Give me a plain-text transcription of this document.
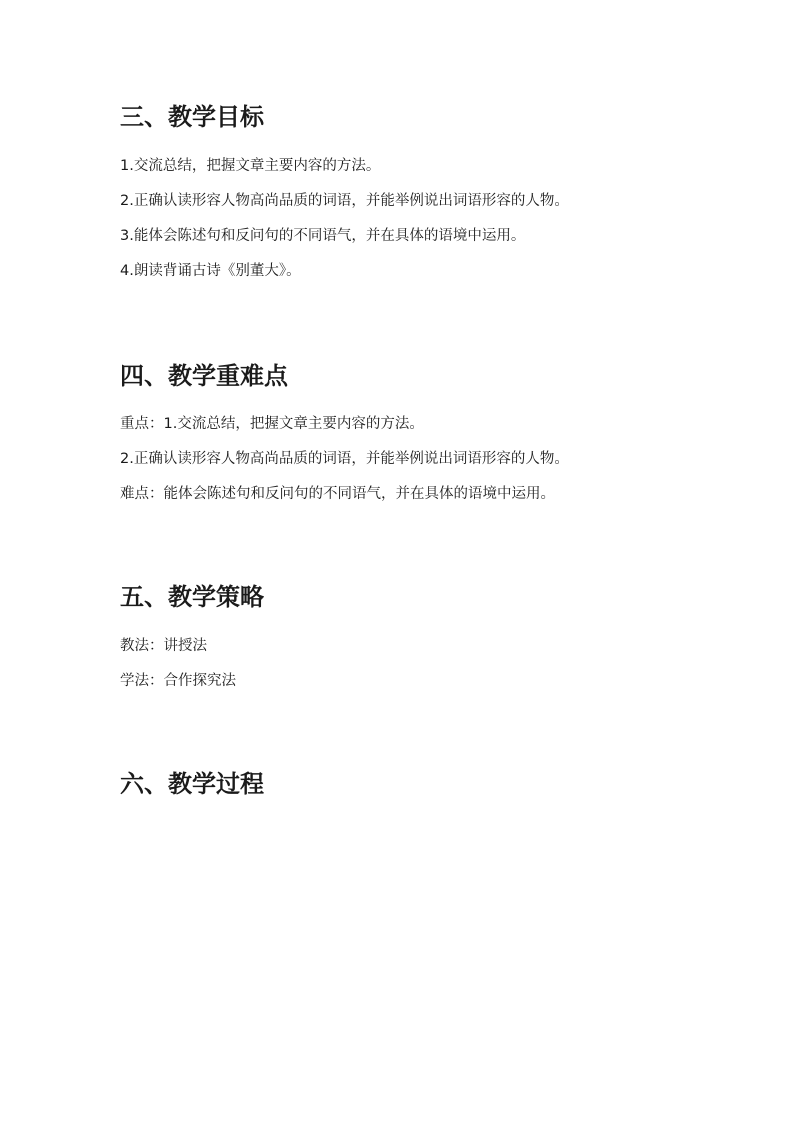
三、教学目标

1.交流总结，把握文章主要内容的方法。

2.正确认读形容人物高尚品质的词语，并能举例说出词语形容的人物。

3.能体会陈述句和反问句的不同语气，并在具体的语境中运用。

4.朗读背诵古诗《别董大》。

四、教学重难点

重点：1.交流总结，把握文章主要内容的方法。

2.正确认读形容人物高尚品质的词语，并能举例说出词语形容的人物。

难点：能体会陈述句和反问句的不同语气，并在具体的语境中运用。

五、教学策略

教法：讲授法

学法：合作探究法

六、教学过程
